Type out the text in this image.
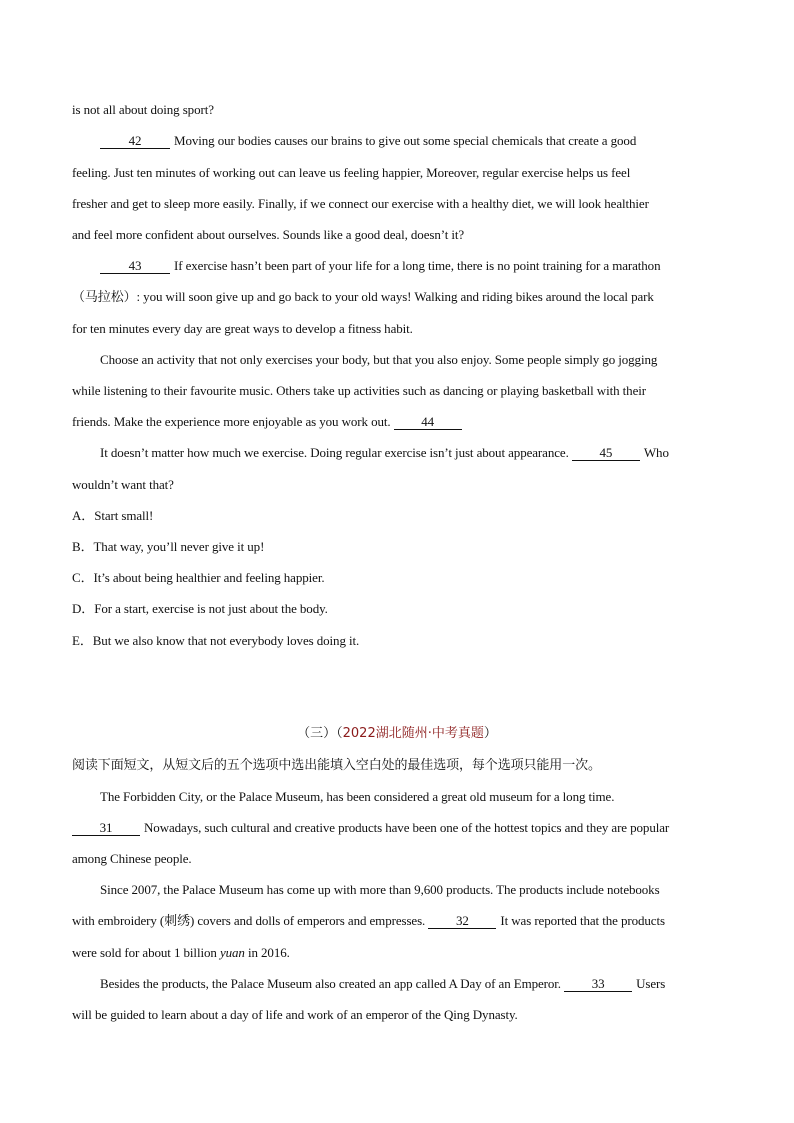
is not all about doing sport?
42	Moving our bodies causes our brains to give out some special chemicals that create a good
feeling. Just ten minutes of working out can leave us feeling happier, Moreover, regular exercise helps us feel
fresher and get to sleep more easily. Finally, if we connect our exercise with a healthy diet, we will look healthier
and feel more confident about ourselves. Sounds like a good deal, doesn’t it?
43	If exercise hasn’t been part of your life for a long time, there is no point training for a marathon
（马拉松）: you will soon give up and go back to your old ways! Walking and riding bikes around the local park
for ten minutes every day are great ways to develop a fitness habit.
Choose an activity that not only exercises your body, but that you also enjoy. Some people simply go jogging
while listening to their favourite music. Others take up activities such as dancing or playing basketball with their
friends. Make the experience more enjoyable as you work out. 44
It doesn’t matter how much we exercise. Doing regular exercise isn’t just about appearance. 45 Who
wouldn’t want that?
A．Start small!
B．That way, you’ll never give it up!
C．It’s about being healthier and feeling happier.
D．For a start, exercise is not just about the body.
E．But we also know that not everybody loves doing it.
（三）（2022湖北随州·中考真题）
阅读下面短文，从短文后的五个选项中选出能填入空白处的最佳选项，每个选项只能用一次。
The Forbidden City, or the Palace Museum, has been considered a great old museum for a long time.
31 Nowadays, such cultural and creative products have been one of the hottest topics and they are popular
among Chinese people.
Since 2007, the Palace Museum has come up with more than 9,600 products. The products include notebooks
with embroidery (刺绣) covers and dolls of emperors and empresses. 32 It was reported that the products
were sold for about 1 billion yuan in 2016.
Besides the products, the Palace Museum also created an app called A Day of an Emperor. 33 Users
will be guided to learn about a day of life and work of an emperor of the Qing Dynasty.
